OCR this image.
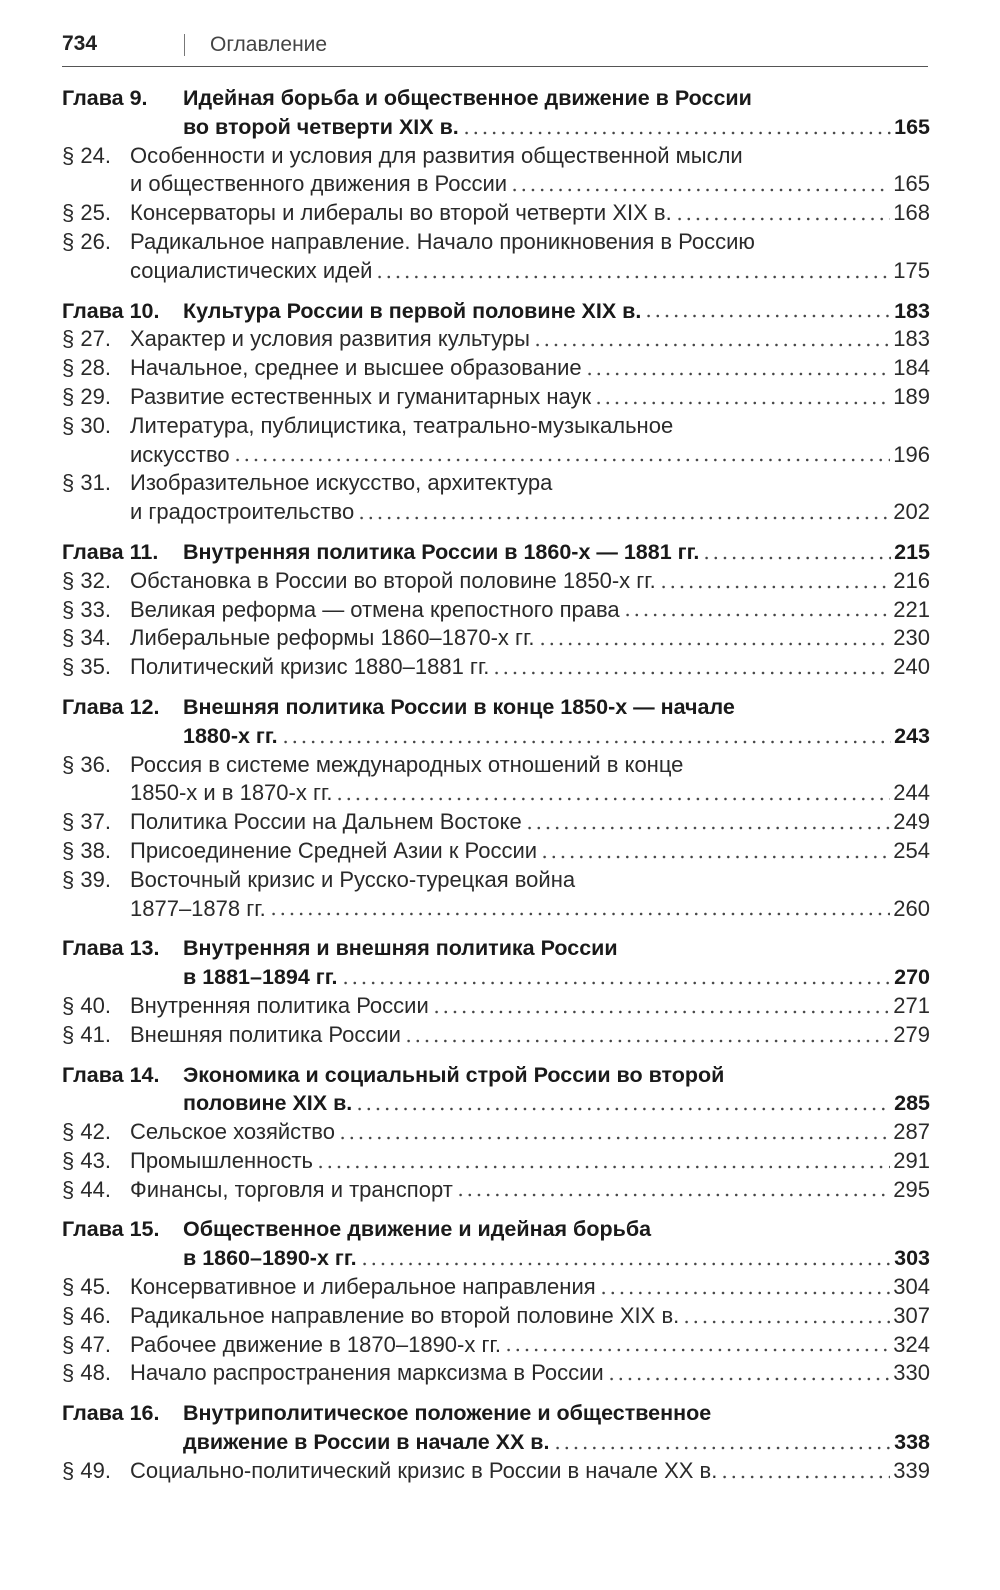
734	Оглавление
Глава 9. Идейная борьба и общественное движение в России
во второй четверти XIX в.	165
§ 24. Особенности и условия для развития общественной мысли
и общественного движения в России	165
§ 25. Консерваторы и либералы во второй четверти XIX в.	168
§ 26. Радикальное направление. Начало проникновения в Россию
социалистических идей	175
Глава 10. Культура России в первой половине XIX в.	183
§ 27. Характер и условия развития культуры	183
§ 28. Начальное, среднее и высшее образование	184
§ 29. Развитие естественных и гуманитарных наук	189
§ 30. Литература, публицистика, театрально-музыкальное
искусство	196
§ 31. Изобразительное искусство, архитектура
и градостроительство	202
Глава 11. Внутренняя политика России в 1860-х — 1881 гг.	215
§ 32. Обстановка в России во второй половине 1850-х гг.	216
§ 33. Великая реформа — отмена крепостного права	221
§ 34. Либеральные реформы 1860–1870-х гг.	230
§ 35. Политический кризис 1880–1881 гг.	240
Глава 12. Внешняя политика России в конце 1850-х — начале
1880-х гг.	243
§ 36. Россия в системе международных отношений в конце
1850-х и в 1870-х гг.	244
§ 37. Политика России на Дальнем Востоке	249
§ 38. Присоединение Средней Азии к России	254
§ 39. Восточный кризис и Русско-турецкая война
1877–1878 гг.	260
Глава 13. Внутренняя и внешняя политика России
в 1881–1894 гг.	270
§ 40. Внутренняя политика России	271
§ 41. Внешняя политика России	279
Глава 14. Экономика и социальный строй России во второй
половине XIX в.	285
§ 42. Сельское хозяйство	287
§ 43. Промышленность	291
§ 44. Финансы, торговля и транспорт	295
Глава 15. Общественное движение и идейная борьба
в 1860–1890-х гг.	303
§ 45. Консервативное и либеральное направления	304
§ 46. Радикальное направление во второй половине XIX в.	307
§ 47. Рабочее движение в 1870–1890-х гг.	324
§ 48. Начало распространения марксизма в России	330
Глава 16. Внутриполитическое положение и общественное
движение в России в начале XX в.	338
§ 49. Социально-политический кризис в России в начале XX в.	339
